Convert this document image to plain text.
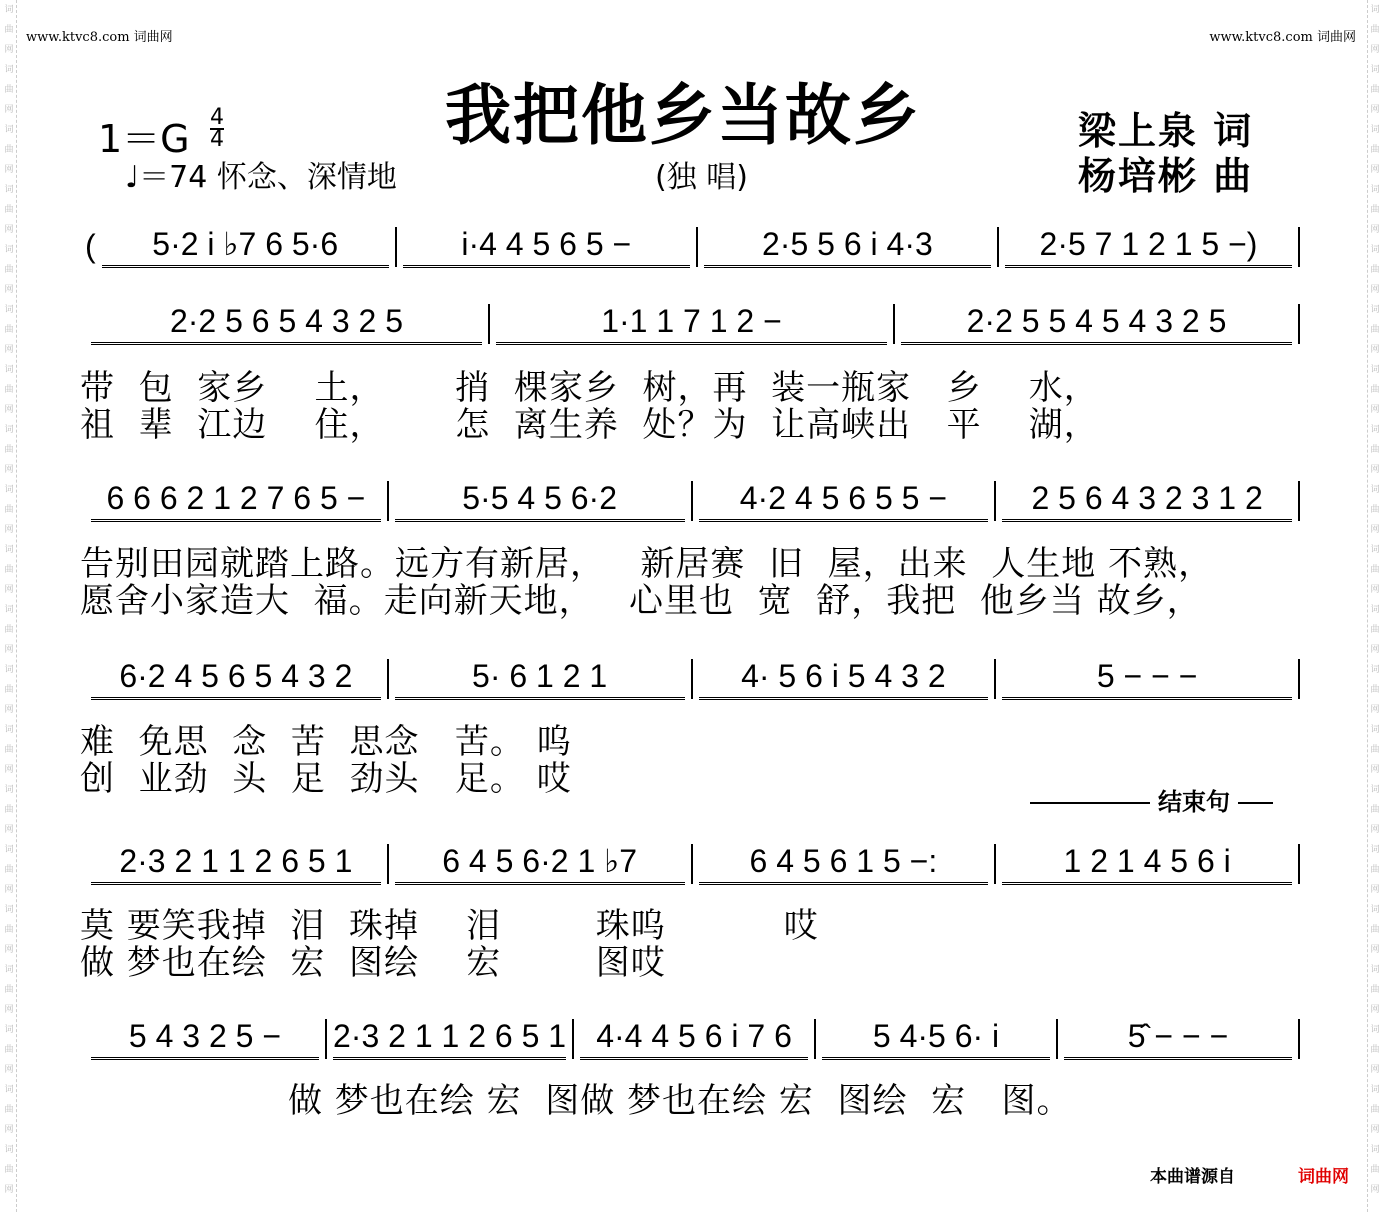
词曲网词曲网词曲网词曲网词曲网词曲网词曲网词曲网词曲网词曲网词曲网词曲网词曲网词曲网词曲网词曲网词曲网词曲网词曲网词曲网
词曲网词曲网词曲网词曲网词曲网词曲网词曲网词曲网词曲网词曲网词曲网词曲网词曲网词曲网词曲网词曲网词曲网词曲网词曲网词曲网
www.ktvc8.com 词曲网	www.ktvc8.com 词曲网
我把他乡当故乡
$1=G \frac{4}{4}$
♩＝74 怀念、深情地	(独 唱)
梁上泉 词
杨培彬 曲
(	5·2 i ♭7 6 5·6	i·4 4 5 6 5 −	2·5 5 6 i 4·3	2·5 7 1 2 1 5 −)
2·2 5 6 5 4 3 2 5	1·1 1 7 1 2 −	2·2 5 5 4 5 4 3 2 5
6 6 6 2 1 2 7 6 5 −	5·5 4 5 6·2	4·2 4 5 6 5 5 −	2 5 6 4 3 2 3 1 2
6·2 4 5 6 5 4 3 2	5· 6 1 2 1	4· 5 6 i 5 4 3 2	5 − − −
2·3 2 1 1 2 6 5 1	6 4 5 6·2 1 ♭7	6 4 5 6 1 5 −:	1 2 1 4 5 6 i
5 4 3 2 5 −	2·3 2 1 1 2 6 5 1 4·4 4 5 6 i 7 6	5 4·5 6· i	5̂ − − −
带  包  家乡    土，      捎  棵家乡  树，再  装一瓶家   乡    水，
祖  辈  江边    住，      怎  离生养  处？为  让高峡出   平    湖，
告别田园就踏上路。远方有新居，   新居赛  旧  屋，出来  人生地 不熟，
愿舍小家造大  福。走向新天地，   心里也  宽  舒，我把  他乡当 故乡，
难  免思  念  苦  思念   苦。 呜
创  业劲  头  足  劲头   足。 哎
结束句
莫 要笑我掉  泪  珠掉    泪        珠呜          哎
做 梦也在绘  宏  图绘    宏        图哎
做 梦也在绘 宏  图做 梦也在绘 宏  图绘  宏   图。
本曲谱源自	词曲网
